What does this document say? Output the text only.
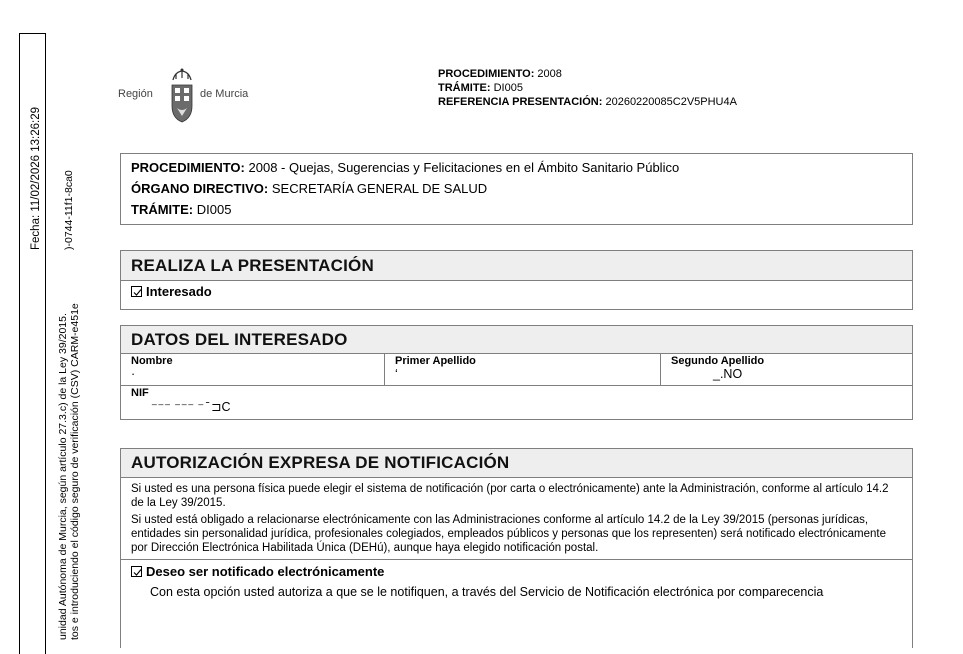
Fecha: 11/02/2026 13:26:29
unidad Autónoma de Murcia, según artículo 27.3.c) de la Ley 39/2015. tos e introduciendo el código seguro de verificación (CSV) CARM-e451e
)-0744-11f1-8ca0
Región	de Murcia
PROCEDIMIENTO: 2008
TRÁMITE: DI005
REFERENCIA PRESENTACIÓN: 20260220085C2V5PHU4A
PROCEDIMIENTO: 2008 - Quejas, Sugerencias y Felicitaciones en el Ámbito Sanitario Público
ÓRGANO DIRECTIVO: SECRETARÍA GENERAL DE SALUD
TRÁMITE: DI005
REALIZA LA PRESENTACIÓN
Interesado
DATOS DEL INTERESADO
Nombre
·
Primer Apellido
‘
Segundo Apellido
_.NO
NIF
⁻⁻⁻ ⁻⁻⁻ ⁻ ̄ ⊐C
AUTORIZACIÓN EXPRESA DE NOTIFICACIÓN

Si usted es una persona física puede elegir el sistema de notificación (por carta o electrónicamente) ante la Administración, conforme al artículo 14.2 de la Ley 39/2015.

Si usted está obligado a relacionarse electrónicamente con las Administraciones conforme al artículo 14.2 de la Ley 39/2015 (personas jurídicas, entidades sin personalidad jurídica, profesionales colegiados, empleados públicos y personas que los representen) será notificado electrónicamente por Dirección Electrónica Habilitada Única (DEHú), aunque haya elegido notificación postal.

Deseo ser notificado electrónicamente
Con esta opción usted autoriza a que se le notifiquen, a través del Servicio de Notificación electrónica por comparecencia
